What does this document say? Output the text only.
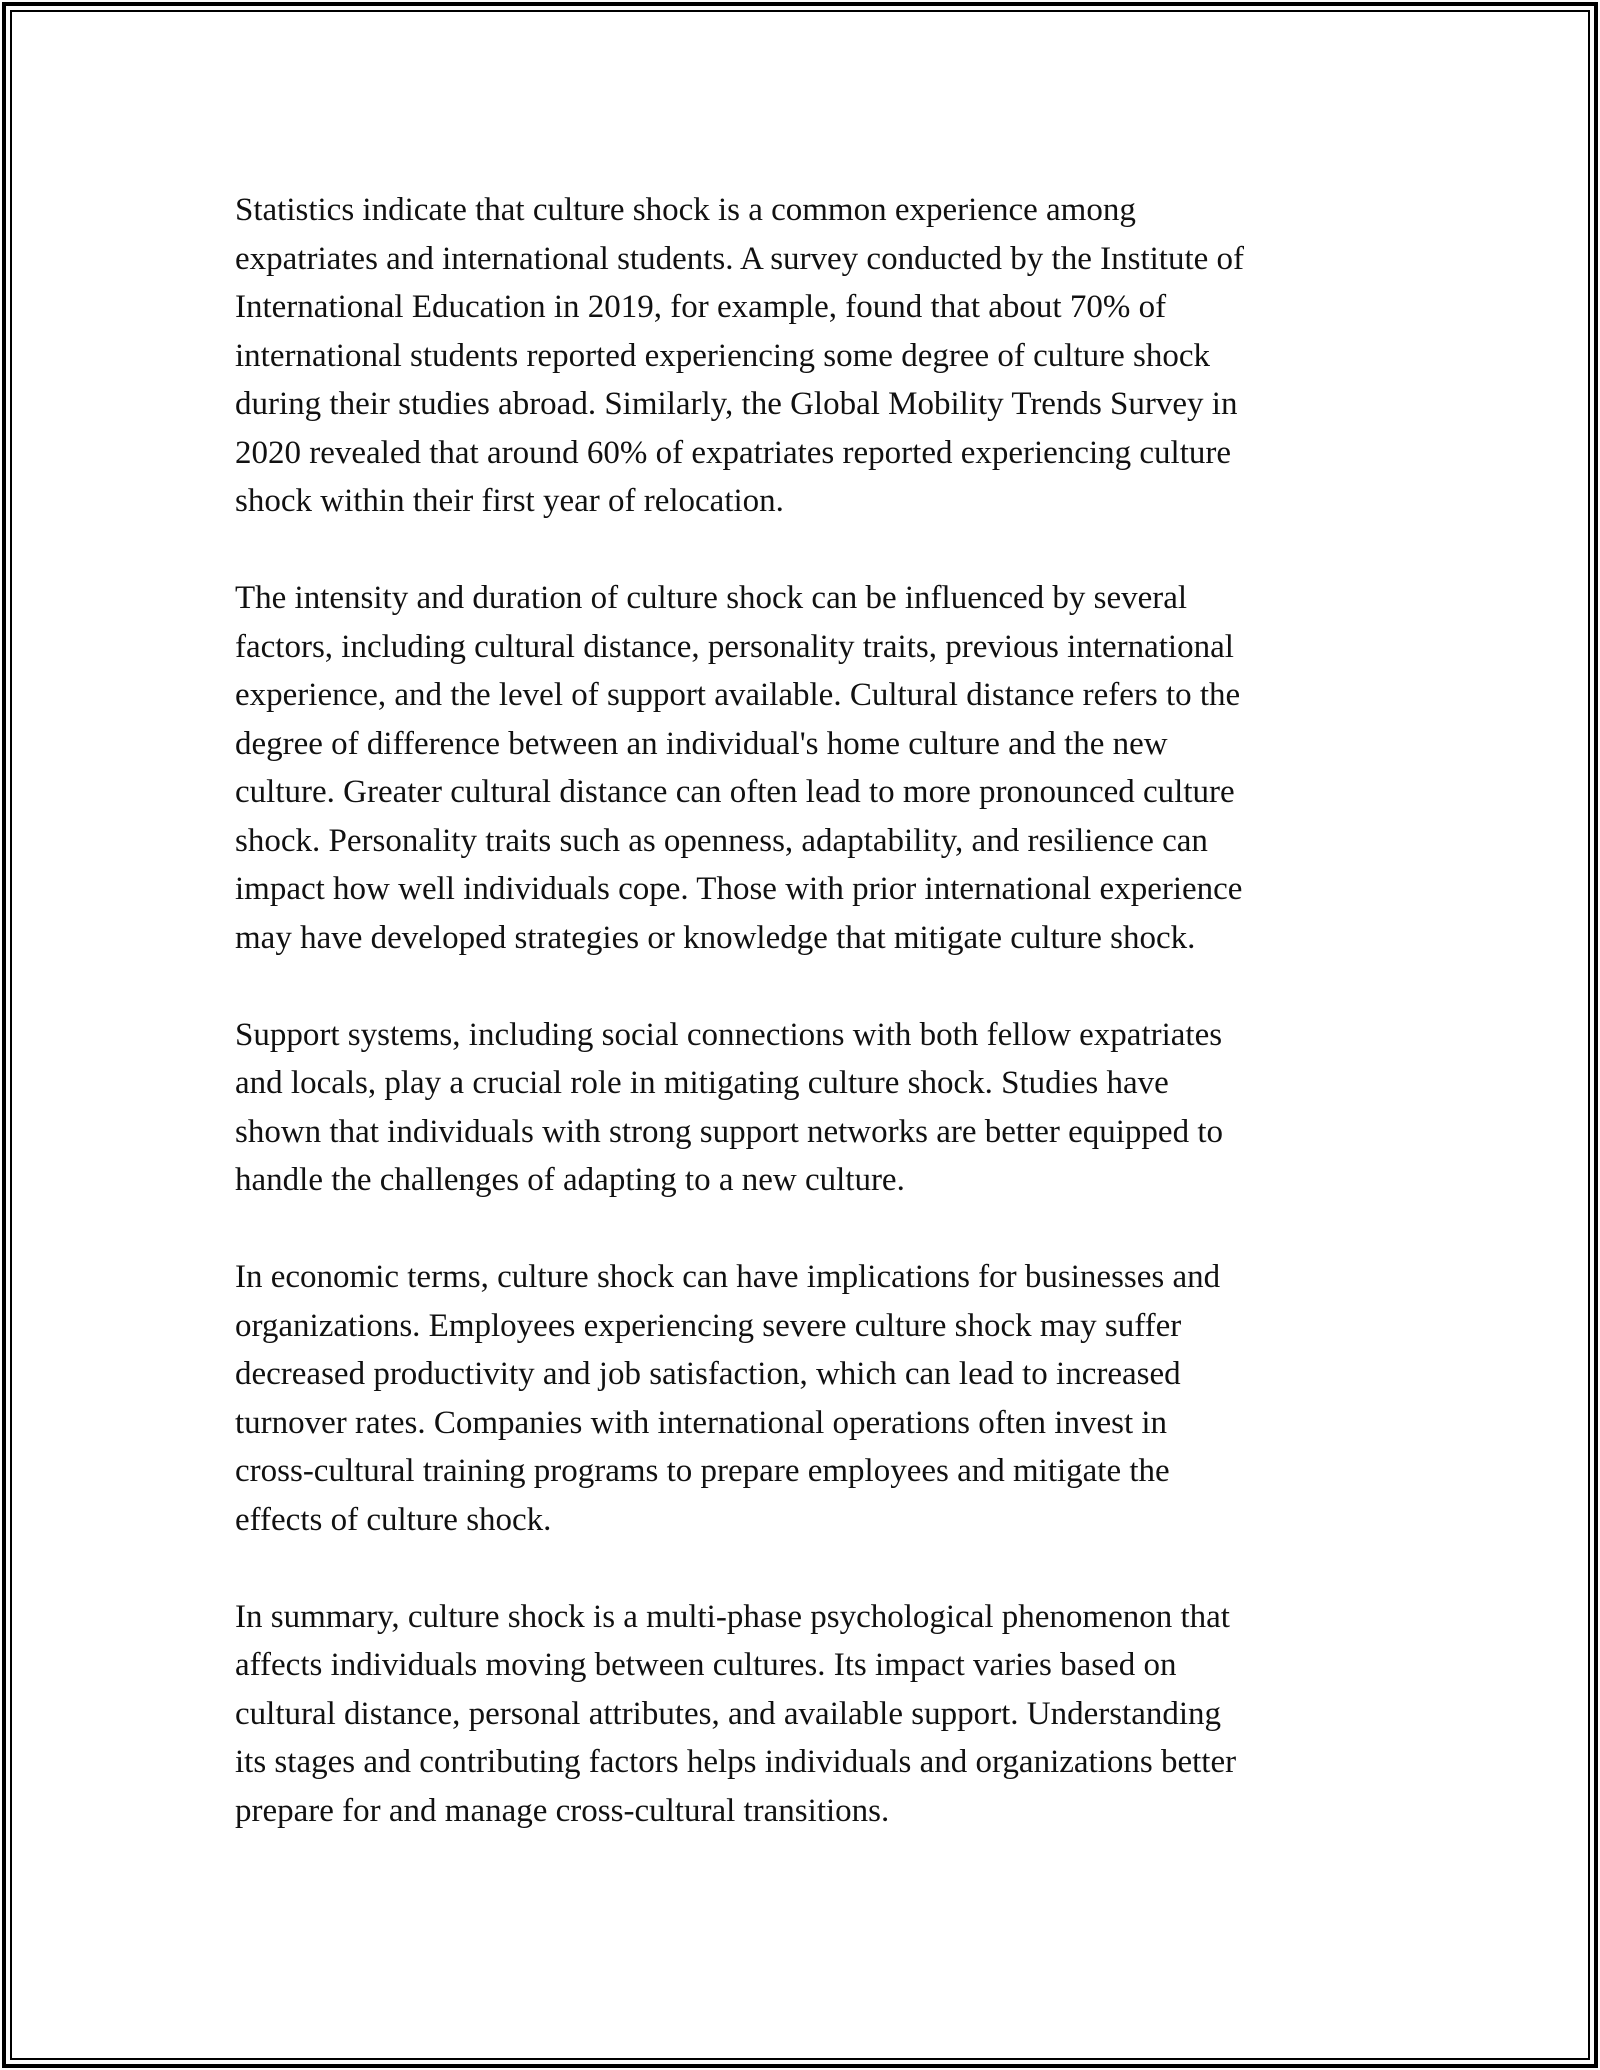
Statistics indicate that culture shock is a common experience among
expatriates and international students. A survey conducted by the Institute of
International Education in 2019, for example, found that about 70% of
international students reported experiencing some degree of culture shock
during their studies abroad. Similarly, the Global Mobility Trends Survey in
2020 revealed that around 60% of expatriates reported experiencing culture
shock within their first year of relocation.

The intensity and duration of culture shock can be influenced by several
factors, including cultural distance, personality traits, previous international
experience, and the level of support available. Cultural distance refers to the
degree of difference between an individual's home culture and the new
culture. Greater cultural distance can often lead to more pronounced culture
shock. Personality traits such as openness, adaptability, and resilience can
impact how well individuals cope. Those with prior international experience
may have developed strategies or knowledge that mitigate culture shock.

Support systems, including social connections with both fellow expatriates
and locals, play a crucial role in mitigating culture shock. Studies have
shown that individuals with strong support networks are better equipped to
handle the challenges of adapting to a new culture.

In economic terms, culture shock can have implications for businesses and
organizations. Employees experiencing severe culture shock may suffer
decreased productivity and job satisfaction, which can lead to increased
turnover rates. Companies with international operations often invest in
cross-cultural training programs to prepare employees and mitigate the
effects of culture shock.

In summary, culture shock is a multi-phase psychological phenomenon that
affects individuals moving between cultures. Its impact varies based on
cultural distance, personal attributes, and available support. Understanding
its stages and contributing factors helps individuals and organizations better
prepare for and manage cross-cultural transitions.
